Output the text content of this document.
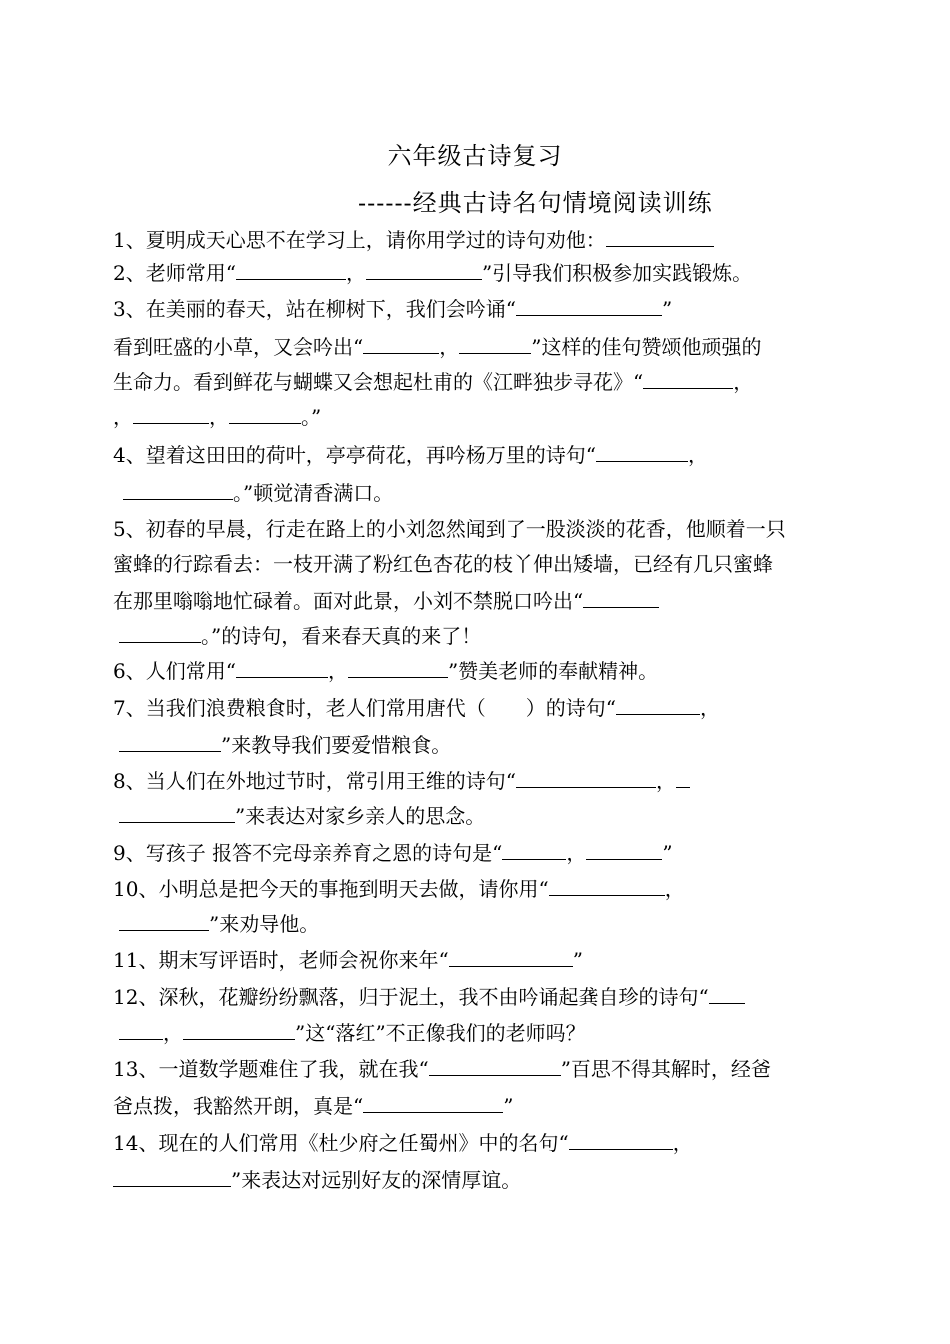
六年级古诗复习
------经典古诗名句情境阅读训练
1、夏明成天心思不在学习上，请你用学过的诗句劝他：
2、老师常用“	，	”引导我们积极参加实践锻炼。
3、在美丽的春天，站在柳树下，我们会吟诵“	”
看到旺盛的小草，又会吟出“	，	”这样的佳句赞颂他顽强的
生命力。看到鲜花与蝴蝶又会想起杜甫的《江畔独步寻花》“	，
，	，	。”
4、望着这田田的荷叶，亭亭荷花，再吟杨万里的诗句“	，
。”顿觉清香满口。
5、初春的早晨，行走在路上的小刘忽然闻到了一股淡淡的花香，他顺着一只
蜜蜂的行踪看去：一枝开满了粉红色杏花的枝丫伸出矮墙，已经有几只蜜蜂
在那里嗡嗡地忙碌着。面对此景，小刘不禁脱口吟出“
。”的诗句，看来春天真的来了！
6、人们常用“	，	”赞美老师的奉献精神。
7、当我们浪费粮食时，老人们常用唐代（　　）的诗句“	，
”来教导我们要爱惜粮食。
8、当人们在外地过节时，常引用王维的诗句“	，
”来表达对家乡亲人的思念。
9、写孩子 报答不完母亲养育之恩的诗句是“	，	”
10、小明总是把今天的事拖到明天去做，请你用“	，
”来劝导他。
11、期末写评语时，老师会祝你来年“	”
12、深秋，花瓣纷纷飘落，归于泥土，我不由吟诵起龚自珍的诗句“
，	”这“落红”不正像我们的老师吗？
13、一道数学题难住了我，就在我“	”百思不得其解时，经爸
爸点拨，我豁然开朗，真是“	”
14、现在的人们常用《杜少府之任蜀州》中的名句“	，
”来表达对远别好友的深情厚谊。
